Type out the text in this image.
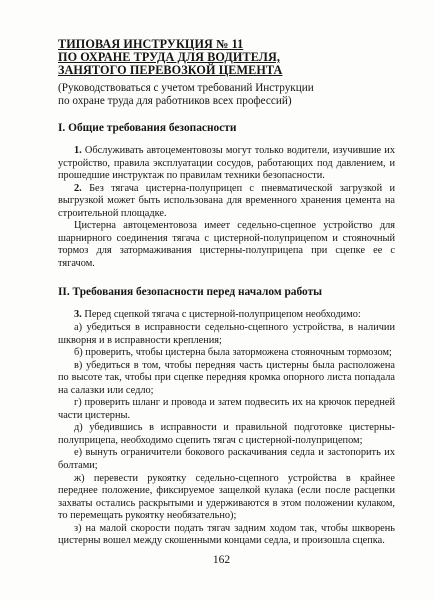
ТИПОВАЯ ИНСТРУКЦИЯ № 11
ПО ОХРАНЕ ТРУДА ДЛЯ ВОДИТЕЛЯ,
ЗАНЯТОГО ПЕРЕВОЗКОЙ ЦЕМЕНТА
(Руководствоваться с учетом требований Инструкции
по охране труда для работников всех профессий)
I. Общие требования безопасности

1. Обслуживать автоцементовозы могут только водители, изучившие их устройство, правила эксплуатации сосудов, работающих под давлением, и прошедшие инструктаж по правилам техники безопасности.

2. Без тягача цистерна-полуприцеп с пневматической загрузкой и выгрузкой может быть использована для временного хранения цемента на строительной площадке.

Цистерна автоцементовоза имеет седельно-сцепное устройство для шарнирного соединения тягача с цистерной-полуприцепом и стояночный тормоз для затормаживания цистерны-полуприцепа при сцепке ее с тягачом.

II. Требования безопасности перед началом работы

3. Перед сцепкой тягача с цистерной-полуприцепом необходимо:

а) убедиться в исправности седельно-сцепного устройства, в наличии шкворня и в исправности крепления;

б) проверить, чтобы цистерна была заторможена стояночным тормозом;

в) убедиться в том, чтобы передняя часть цистерны была расположена по высоте так, чтобы при сцепке передняя кромка опорного листа попадала на салазки или седло;

г) проверить шланг и провода и затем подвесить их на крючок передней части цистерны.

д) убедившись в исправности и правильной подготовке цистерны-полуприцепа, необходимо сцепить тягач с цистерной-полуприцепом;

е) вынуть ограничители бокового раскачивания седла и застопорить их болтами;

ж) перевести рукоятку седельно-сцепного устройства в крайнее переднее положение, фиксируемое защелкой кулака (если после расцепки захваты остались раскрытыми и удерживаются в этом положении кулаком, то перемещать рукоятку необязательно);

з) на малой скорости подать тягач задним ходом так, чтобы шкворень цистерны вошел между скошенными концами седла, и произошла сцепка.

162
